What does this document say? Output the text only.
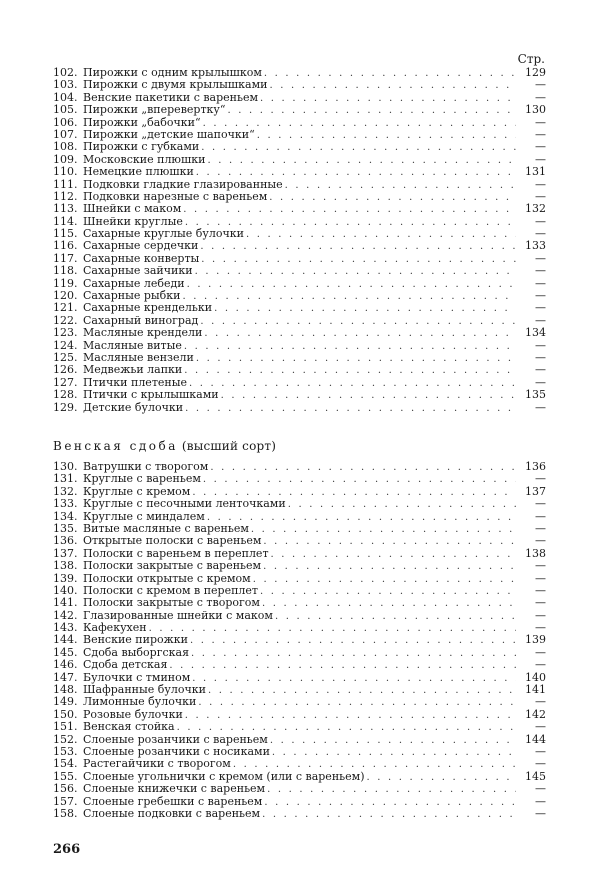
Стр.
102. Пирожки с одним крылышком . . .	129
103. Пирожки с двумя крылышками . . .	—
104. Венские пакетики с вареньем . . .	—
105. Пирожки „вперевертку“ . . .	130
106. Пирожки „бабочки“ . . .	—
107. Пирожки „детские шапочки“ . . .	—
108. Пирожки с губками . . .	—
109. Московские плюшки . . .	—
110. Немецкие плюшки . . .	131
111. Подковки гладкие глазированные . . .	—
112. Подковки нарезные с вареньем . . .	—
113. Шнейки с маком . . .	132
114. Шнейки круглые . . .	—
115. Сахарные круглые булочки . . .	—
116. Сахарные сердечки . . .	133
117. Сахарные конверты . . .	—
118. Сахарные зайчики . . .	—
119. Сахарные лебеди . . .	—
120. Сахарные рыбки . . .	—
121. Сахарные крендельки . . .	—
122. Сахарный виноград . . .	—
123. Масляные крендели . . .	134
124. Масляные витые . . .	—
125. Масляные вензели . . .	—
126. Медвежьи лапки . . .	—
127. Птички плетеные . . .	—
128. Птички с крылышками . . .	135
129. Детские булочки . . .	—
Венская сдоба (высший сорт)
130. Ватрушки с творогом . . .	136
131. Круглые с вареньем . . .	—
132. Круглые с кремом . . .	137
133. Круглые с песочными ленточками . . .	—
134. Круглые с миндалем . . .	—
135. Витые масляные с вареньем . . .	—
136. Открытые полоски с вареньем . . .	—
137. Полоски с вареньем в переплет . . .	138
138. Полоски закрытые с вареньем . . .	—
139. Полоски открытые с кремом . . .	—
140. Полоски с кремом в переплет . . .	—
141. Полоски закрытые с творогом . . .	—
142. Глазированные шнейки с маком . . .	—
143. Кафекухен . . .	—
144. Венские пирожки . . .	139
145. Сдоба выборгская . . .	—
146. Сдоба детская . . .	—
147. Булочки с тмином . . .	140
148. Шафранные булочки . . .	141
149. Лимонные булочки . . .	—
150. Розовые булочки . . .	142
151. Венская стойка . . .	—
152. Слоеные розанчики с вареньем . . .	144
153. Слоеные розанчики с носиками . . .	—
154. Растегайчики с творогом . . .	—
155. Слоеные угольнички с кремом (или с вареньем) . . .	145
156. Слоеные книжечки с вареньем . . .	—
157. Слоеные гребешки с вареньем . . .	—
158. Слоеные подковки с вареньем . . .	—
266
